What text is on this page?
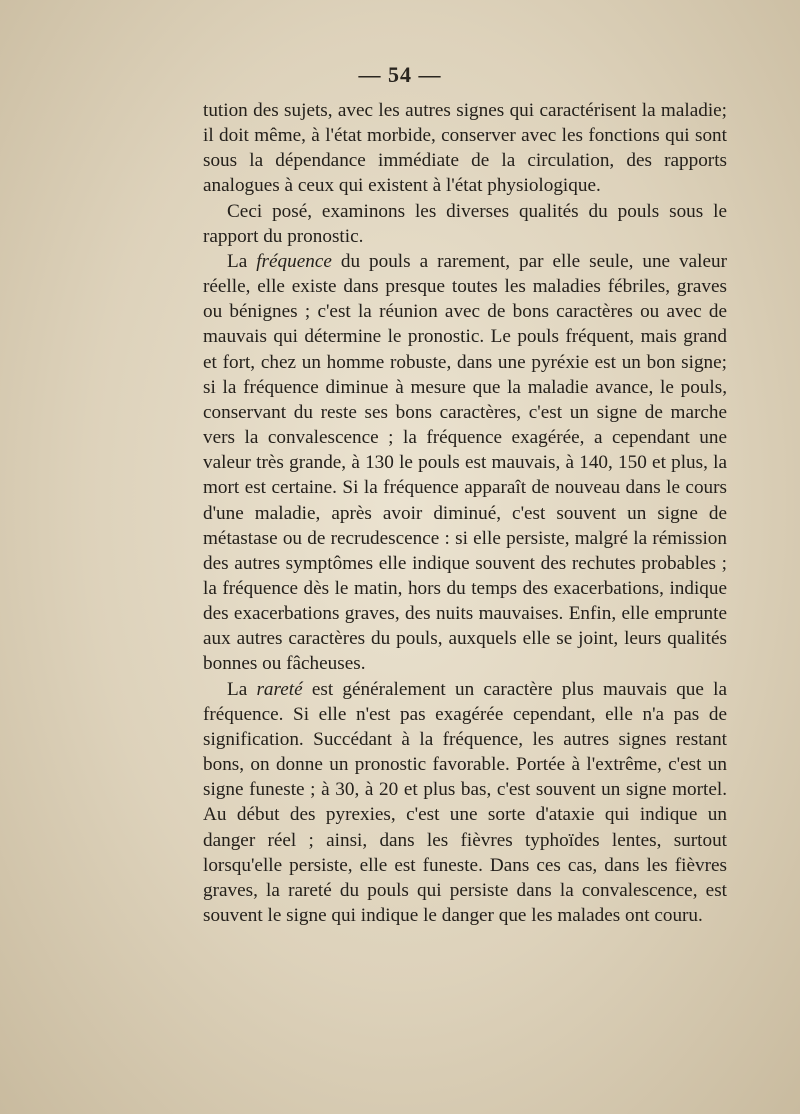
— 54 —

tution des sujets, avec les autres signes qui caractérisent la maladie; il doit même, à l'état morbide, conserver avec les fonctions qui sont sous la dépendance immédiate de la circulation, des rapports analogues à ceux qui existent à l'état physiologique.

Ceci posé, examinons les diverses qualités du pouls sous le rapport du pronostic.

La fréquence du pouls a rarement, par elle seule, une valeur réelle, elle existe dans presque toutes les maladies fébriles, graves ou bénignes ; c'est la réunion avec de bons caractères ou avec de mauvais qui détermine le pronostic. Le pouls fréquent, mais grand et fort, chez un homme robuste, dans une pyréxie est un bon signe; si la fréquence diminue à mesure que la maladie avance, le pouls, conservant du reste ses bons caractères, c'est un signe de marche vers la convalescence ; la fréquence exagérée, a cependant une valeur très grande, à 130 le pouls est mauvais, à 140, 150 et plus, la mort est certaine. Si la fréquence apparaît de nouveau dans le cours d'une maladie, après avoir diminué, c'est souvent un signe de métastase ou de recrudescence : si elle persiste, malgré la rémission des autres symptômes elle indique souvent des rechutes probables ; la fréquence dès le matin, hors du temps des exacerbations, indique des exacerbations graves, des nuits mauvaises. Enfin, elle emprunte aux autres caractères du pouls, auxquels elle se joint, leurs qualités bonnes ou fâcheuses.

La rareté est généralement un caractère plus mauvais que la fréquence. Si elle n'est pas exagérée cependant, elle n'a pas de signification. Succédant à la fréquence, les autres signes restant bons, on donne un pronostic favorable. Portée à l'extrême, c'est un signe funeste ; à 30, à 20 et plus bas, c'est souvent un signe mortel. Au début des pyrexies, c'est une sorte d'ataxie qui indique un danger réel ; ainsi, dans les fièvres typhoïdes lentes, surtout lorsqu'elle persiste, elle est funeste. Dans ces cas, dans les fièvres graves, la rareté du pouls qui persiste dans la convalescence, est souvent le signe qui indique le danger que les malades ont couru.
